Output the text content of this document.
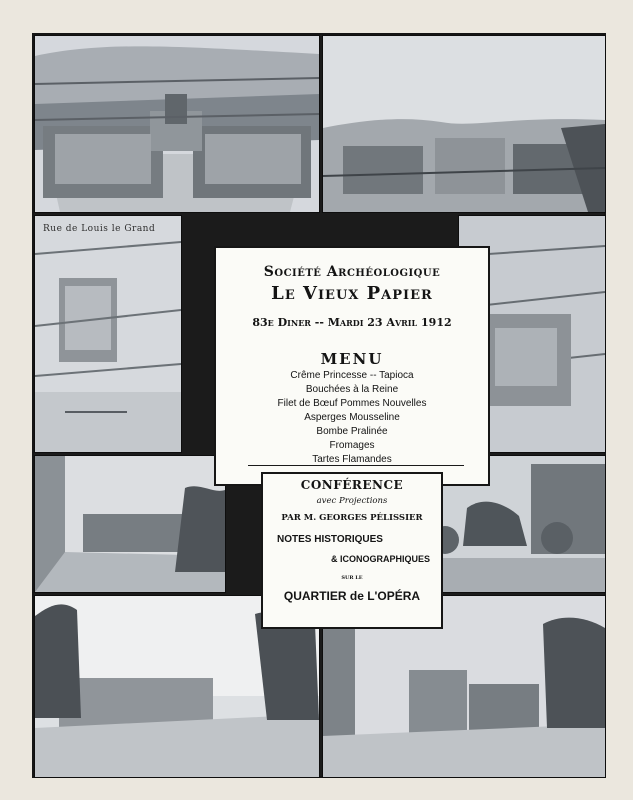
Rue de Louis le Grand
Société Archéologique
Le Vieux Papier
83e Diner -- Mardi 23 Avril 1912
MENU
Crême Princesse -- Tapioca
Bouchées à la Reine
Filet de Bœuf Pommes Nouvelles
Asperges Mousseline
Bombe Pralinée
Fromages
Tartes Flamandes
CONFÉRENCE
avec Projections
PAR M. GEORGES PÉLISSIER
NOTES HISTORIQUES
& ICONOGRAPHIQUES
SUR LE
QUARTIER de L'OPÉRA
